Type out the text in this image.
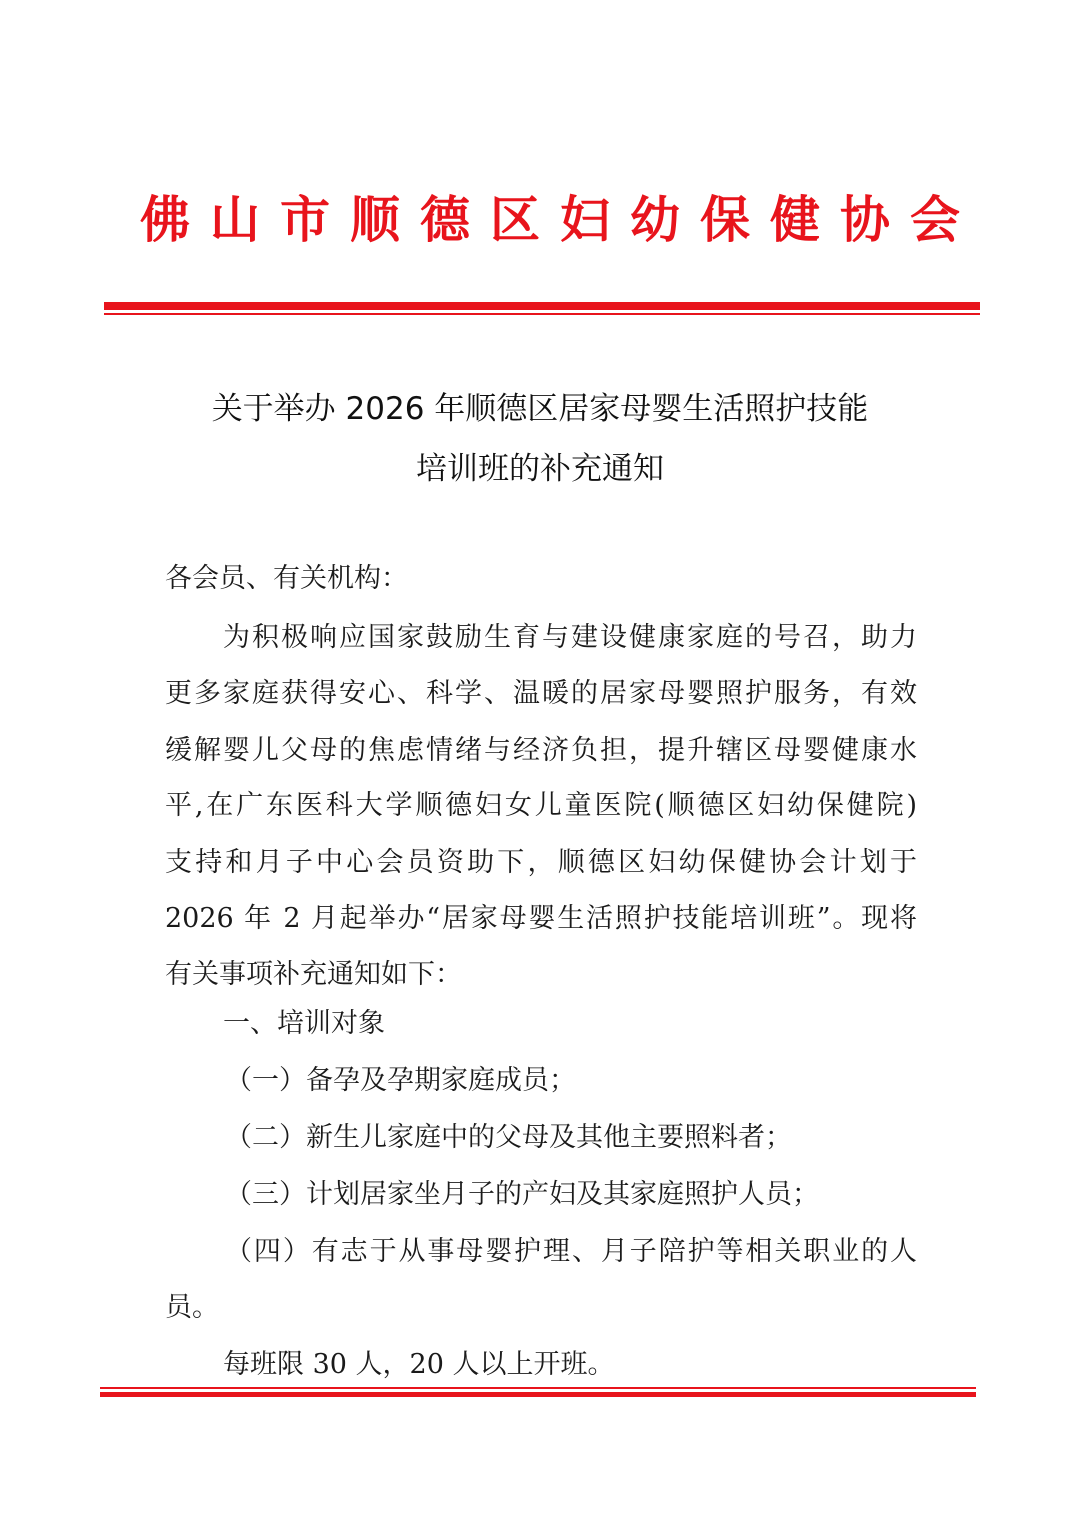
佛山市顺德区妇幼保健协会
关于举办 2026 年顺德区居家母婴生活照护技能
培训班的补充通知
各会员、有关机构：
为积极响应国家鼓励生育与建设健康家庭的号召，助力
更多家庭获得安心、科学、温暖的居家母婴照护服务，有效
缓解婴儿父母的焦虑情绪与经济负担，提升辖区母婴健康水
平,在广东医科大学顺德妇女儿童医院(顺德区妇幼保健院)
支持和月子中心会员资助下，顺德区妇幼保健协会计划于
2026 年 2 月起举办“居家母婴生活照护技能培训班”。现将
有关事项补充通知如下：
一、培训对象
（一）备孕及孕期家庭成员；
（二）新生儿家庭中的父母及其他主要照料者；
（三）计划居家坐月子的产妇及其家庭照护人员；
（四）有志于从事母婴护理、月子陪护等相关职业的人
员。
每班限 30 人，20 人以上开班。
